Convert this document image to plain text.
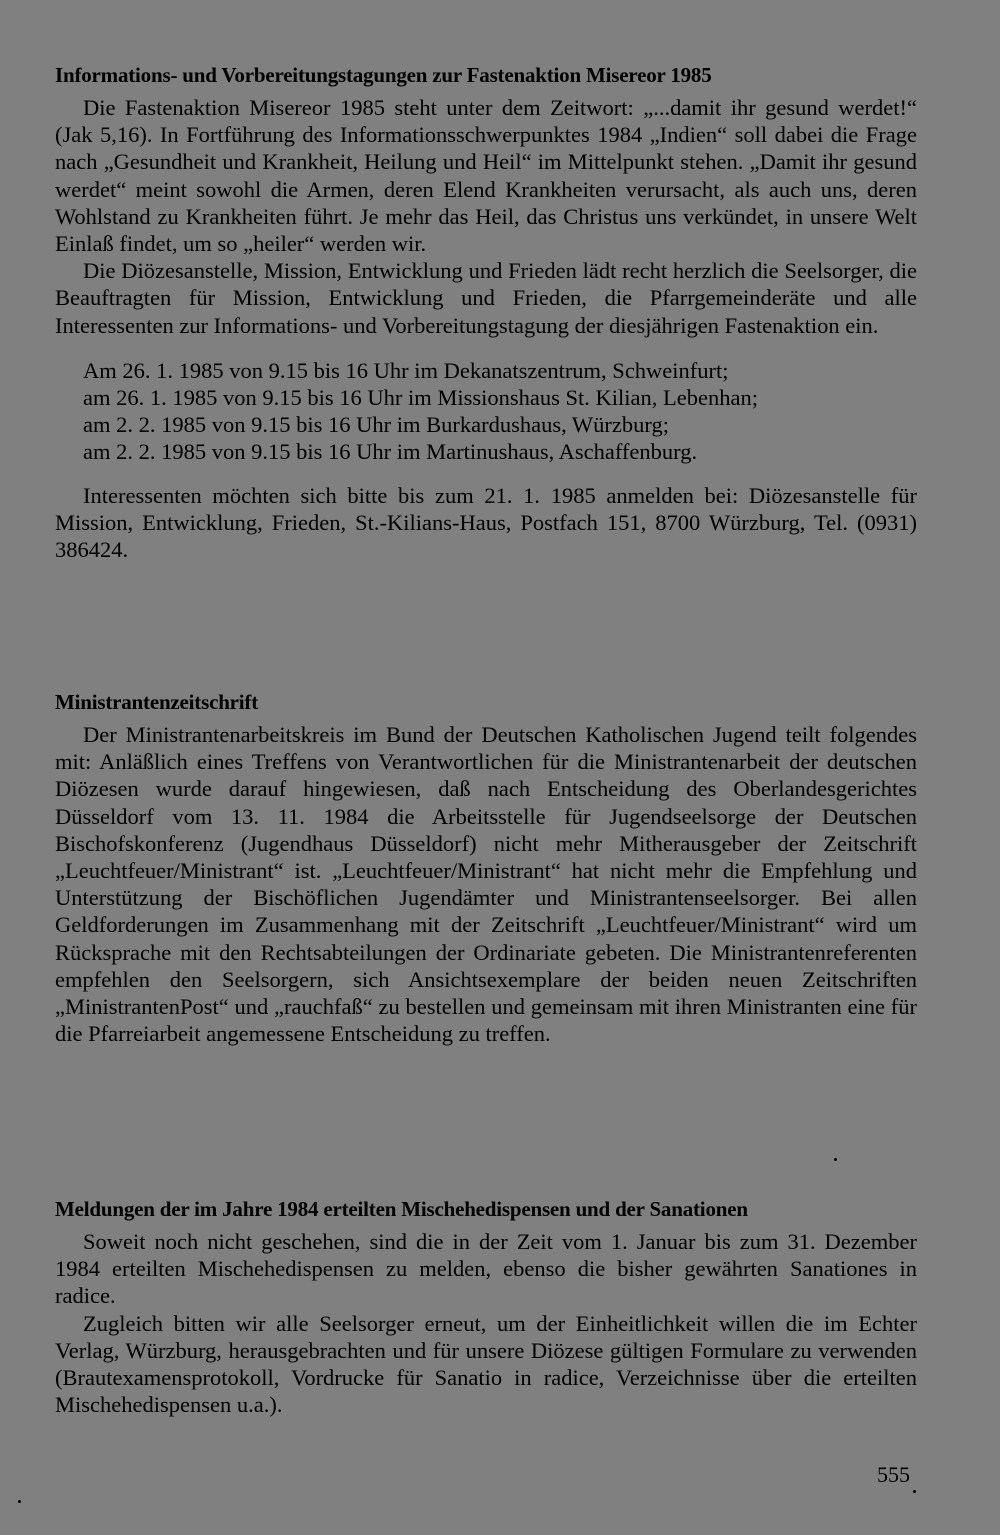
Informations- und Vorbereitungstagungen zur Fastenaktion Misereor 1985

Die Fastenaktion Misereor 1985 steht unter dem Zeitwort: „...damit ihr gesund werdet!“ (Jak 5,16). In Fortführung des Informationsschwerpunktes 1984 „Indien“ soll dabei die Frage nach „Gesundheit und Krankheit, Heilung und Heil“ im Mittelpunkt stehen. „Damit ihr gesund werdet“ meint sowohl die Armen, deren Elend Krankheiten verursacht, als auch uns, deren Wohlstand zu Krankheiten führt. Je mehr das Heil, das Christus uns verkündet, in unsere Welt Einlaß findet, um so „heiler“ werden wir.

Die Diözesanstelle, Mission, Entwicklung und Frieden lädt recht herzlich die Seelsorger, die Beauftragten für Mission, Entwicklung und Frieden, die Pfarrgemeinderäte und alle Interessenten zur Informations- und Vorbereitungstagung der diesjährigen Fastenaktion ein.

Am 26. 1. 1985 von 9.15 bis 16 Uhr im Dekanatszentrum, Schweinfurt;
am 26. 1. 1985 von 9.15 bis 16 Uhr im Missionshaus St. Kilian, Lebenhan;
am 2. 2. 1985 von 9.15 bis 16 Uhr im Burkardushaus, Würzburg;
am 2. 2. 1985 von 9.15 bis 16 Uhr im Martinushaus, Aschaffenburg.

Interessenten möchten sich bitte bis zum 21. 1. 1985 anmelden bei: Diözesanstelle für Mission, Entwicklung, Frieden, St.-Kilians-Haus, Postfach 151, 8700 Würzburg, Tel. (0931) 386424.

Ministrantenzeitschrift

Der Ministrantenarbeitskreis im Bund der Deutschen Katholischen Jugend teilt folgendes mit: Anläßlich eines Treffens von Verantwortlichen für die Ministrantenarbeit der deutschen Diözesen wurde darauf hingewiesen, daß nach Entscheidung des Oberlandesgerichtes Düsseldorf vom 13. 11. 1984 die Arbeitsstelle für Jugendseelsorge der Deutschen Bischofskonferenz (Jugendhaus Düsseldorf) nicht mehr Mitherausgeber der Zeitschrift „Leuchtfeuer/Ministrant“ ist. „Leuchtfeuer/Ministrant“ hat nicht mehr die Empfehlung und Unterstützung der Bischöflichen Jugendämter und Ministrantenseelsorger. Bei allen Geldforderungen im Zusammenhang mit der Zeitschrift „Leuchtfeuer/Ministrant“ wird um Rücksprache mit den Rechtsabteilungen der Ordinariate gebeten. Die Ministrantenreferenten empfehlen den Seelsorgern, sich Ansichtsexemplare der beiden neuen Zeitschriften „MinistrantenPost“ und „rauchfaß“ zu bestellen und gemeinsam mit ihren Ministranten eine für die Pfarreiarbeit angemessene Entscheidung zu treffen.

Meldungen der im Jahre 1984 erteilten Mischehedispensen und der Sanationen

Soweit noch nicht geschehen, sind die in der Zeit vom 1. Januar bis zum 31. Dezember 1984 erteilten Mischehedispensen zu melden, ebenso die bisher gewährten Sanationes in radice.

Zugleich bitten wir alle Seelsorger erneut, um der Einheitlichkeit willen die im Echter Verlag, Würzburg, herausgebrachten und für unsere Diözese gültigen Formulare zu verwenden (Brautexamensprotokoll, Vordrucke für Sanatio in radice, Verzeichnisse über die erteilten Mischehedispensen u.a.).

555
